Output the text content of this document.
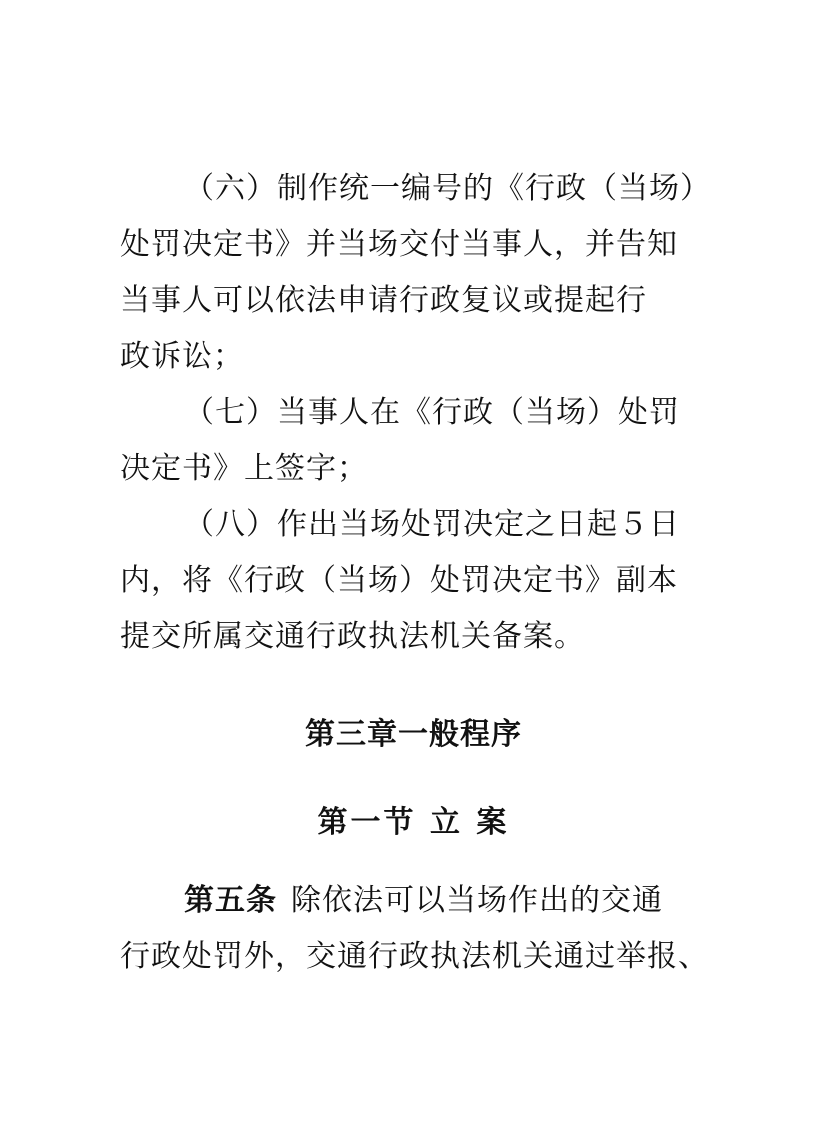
（六）制作统一编号的《行政（当场）
处罚决定书》并当场交付当事人，并告知
当事人可以依法申请行政复议或提起行
政诉讼；
（七）当事人在《行政（当场）处罚
决定书》上签字；
（八）作出当场处罚决定之日起５日
内，将《行政（当场）处罚决定书》副本
提交所属交通行政执法机关备案。
第三章一般程序
第一节 立 案
第五条 除依法可以当场作出的交通
行政处罚外，交通行政执法机关通过举报、
